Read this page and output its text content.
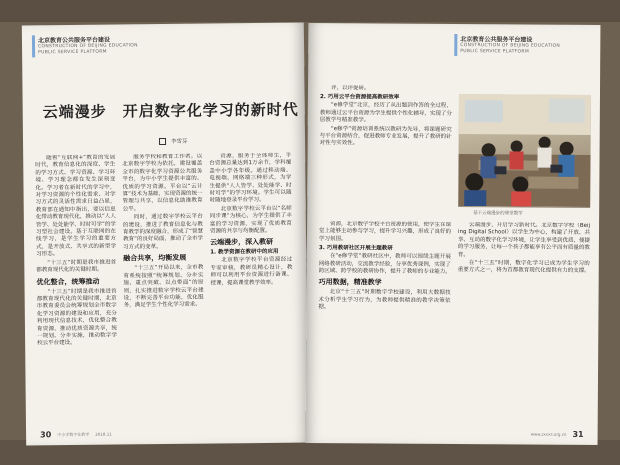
北京教育公共服务平台建设
CONSTRUCTION OF BEIJING EDUCATION
PUBLIC SERVICE PLATFORM
云端漫步　开启数字化学习的新时代
李雪芬

随着“互联网+”教育的发展时代，教育信息化的深度、学生的学习方式、学习资源、学习环境、学习理念都在发生深刻变化。学习者在新时代的学习中，对学习资源的个性化需求、对学习方式的灵活性需求日益凸显，教育部在通知中指出，要以信息化带动教育现代化，推动以“人人皆学、处处能学、时时可学”的学习型社会建设。基于互联网的在线学习，是学生学习的重要方式，是开放式、共享式的新型学习形态。

“十三五”时期是我市推进首都教育现代化的关键时期。

优化整合，统筹推动

“十三五”时期是我市推进首都教育现代化的关键时期，北京市教育委员会统筹规划全市数字化学习资源的建设和应用，充分利用现代信息技术，优化整合教育资源，推动优质资源共享，统一规划、分步实施，推动数字学校云平台建设。

服务学校和教育工作者。以北京数字学校为依托，建设覆盖全市的数字化学习资源公共服务平台，为中小学生提供丰富的、优质的学习资源。平台以“云计算”技术为基础，实现资源的统一管理与共享，以信息化助推教育公平。

同时，通过数字学校云平台的建设，推进了教育信息化与教育教学的深度融合，形成了“智慧教育”的良好局面，推动了全市学习方式的变革。

融合共享，均衡发展

“十三五”开局以来，全市教育系统按照“统筹规划、分步实施、重点突破、以点带面”的原则，扎实推进数字学校云平台建设，不断完善平台功能，优化服务，满足学生个性化学习需求。

资源，服务于全体师生，平台资源总量达到1万余节，学科覆盖中小学各年级。通过移动端、电视端、网络端三种形式，为学生提供“人人皆学、处处能学、时时可学”的学习环境。学生可以随时随地登录平台学习。

北京数字学校云平台以“名师同步课”为核心，为学生提供了丰富的学习资源，实现了优质教育资源的共享与均衡配置。

云端漫步，深入教研
1. 教学资源在教研中的应用

北京数字学校平台资源经过专家审核，教研员精心设计，教师可以利用平台资源进行备课、授课，提高课堂教学效率。

30 中小学数字化教学 2018.11
北京教育公共服务平台建设
CONSTRUCTION OF BEIJING EDUCATION
PUBLIC SERVICE PLATFORM

评，以评促研。

2. 巧用云平台资源提高教研效率

“e修学堂”北京，经历了从出题到作答的全过程，教师通过云平台资源为学生提供个性化辅导，实现了分层教学与精准教学。

“e修学”资源培训系统以教研为先导，将课题研究与平台资源结合，促进教师专业发展，提升了教研的针对性与实效性。

基于云端漫步的课堂教学

资源，北京数字学校平台资源的使用，使学生在课堂上能够主动参与学习，提升学习兴趣，形成了良好的学习氛围。

3. 巧用教研社区开展主题教研

在“e修学堂”教研社区中，教师可以围绕主题开展网络教研活动，交流教学经验，分享优秀课例，实现了跨区域、跨学校的教研协作，提升了教师的专业能力。

巧用数据，精准教学

北京“十三五”时期数字学校建设，利用大数据技术分析学生学习行为，为教师提供精准的教学决策依据。

云端漫步，开启学习新时代。北京数字学校（Beijing Digital School）以学生为中心，构建了开放、共享、互动的数字化学习环境，让学生享受到优质、便捷的学习服务，让每一个孩子都能享有公平而有质量的教育。

在“十三五”时期，数字化学习已成为学生学习的重要方式之一，将为首都教育现代化提供有力的支撑。

www.zxxxs.org.cn 31
